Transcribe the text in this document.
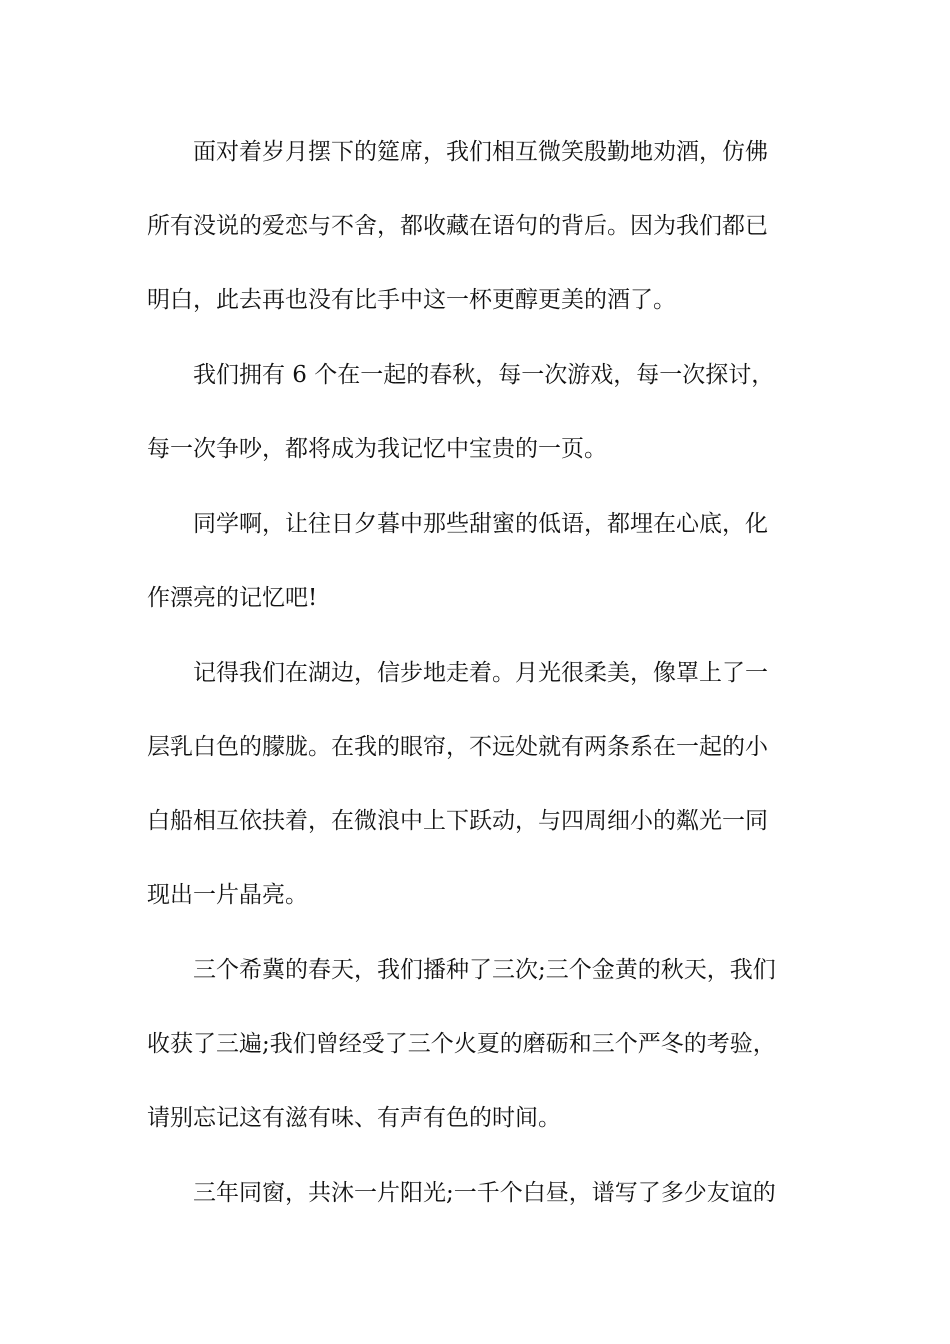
面对着岁月摆下的筵席，我们相互微笑殷勤地劝酒，仿佛

所有没说的爱恋与不舍，都收藏在语句的背后。因为我们都已

明白，此去再也没有比手中这一杯更醇更美的酒了。

我们拥有 6 个在一起的春秋，每一次游戏，每一次探讨，

每一次争吵，都将成为我记忆中宝贵的一页。

同学啊，让往日夕暮中那些甜蜜的低语，都埋在心底，化

作漂亮的记忆吧!

记得我们在湖边，信步地走着。月光很柔美，像罩上了一

层乳白色的朦胧。在我的眼帘，不远处就有两条系在一起的小

白船相互依扶着，在微浪中上下跃动，与四周细小的粼光一同

现出一片晶亮。

三个希冀的春天，我们播种了三次;三个金黄的秋天，我们

收获了三遍;我们曾经受了三个火夏的磨砺和三个严冬的考验，

请别忘记这有滋有味、有声有色的时间。

三年同窗，共沐一片阳光;一千个白昼，谱写了多少友谊的
